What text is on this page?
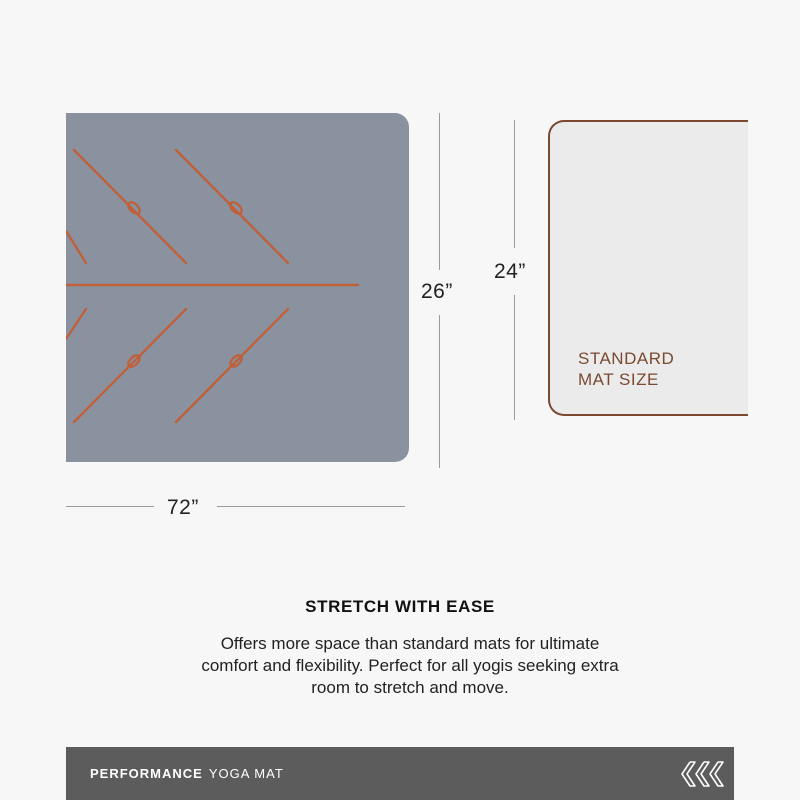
26”
72”
24”
STANDARD
MAT SIZE
STRETCH WITH EASE
Offers more space than standard mats for ultimate comfort and flexibility. Perfect for all yogis seeking extra room to stretch and move.
PERFORMANCE YOGA MAT
